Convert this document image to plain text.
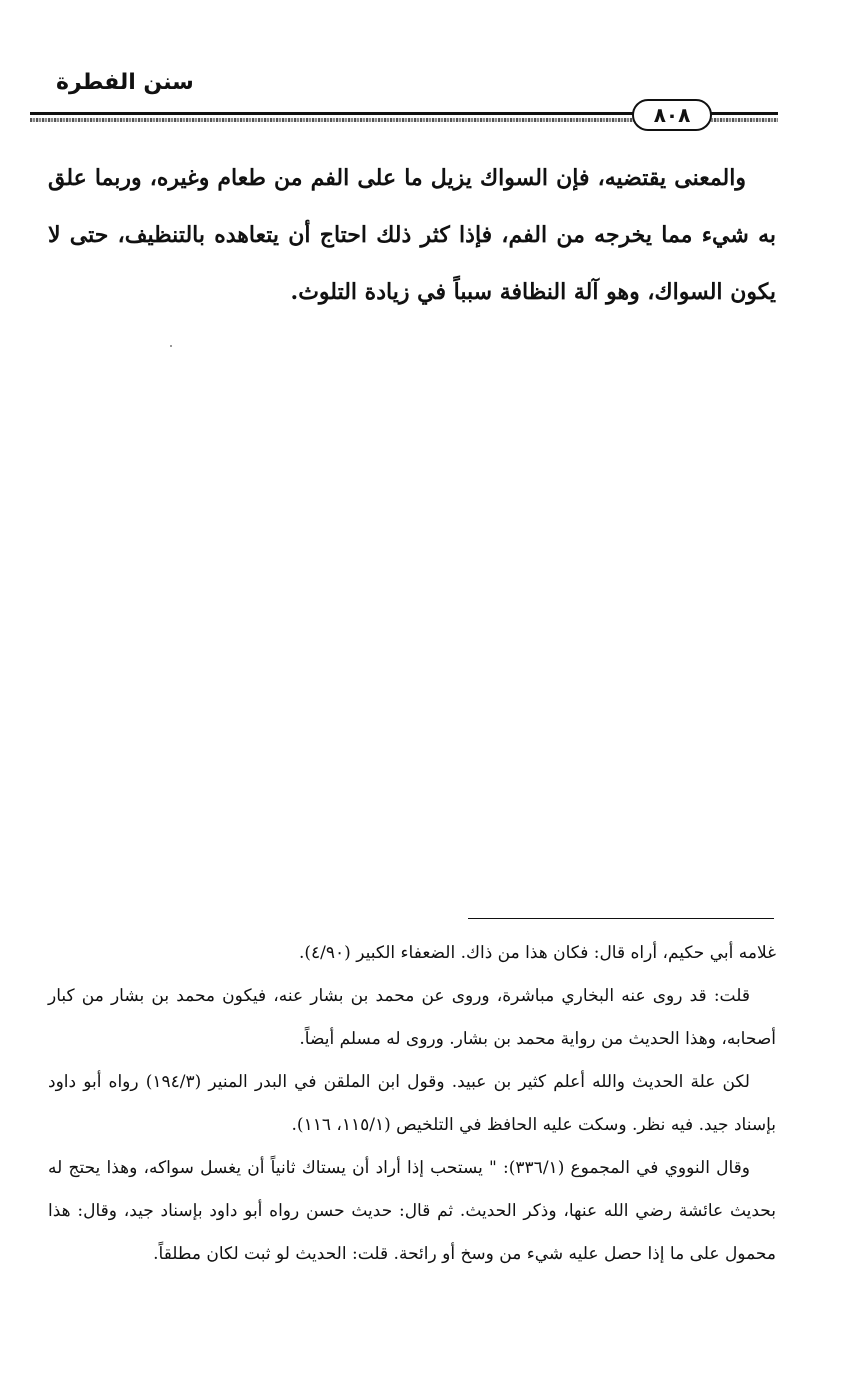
سنن الفطرة
٨٠٨

والمعنى يقتضيه، فإن السواك يزيل ما على الفم من طعام وغيره، وربما علق به شيء مما يخرجه من الفم، فإذا كثر ذلك احتاج أن يتعاهده بالتنظيف، حتى لا يكون السواك، وهو آلة النظافة سبباً في زيادة التلوث.

غلامه أبي حكيم، أراه قال: فكان هذا من ذاك. الضعفاء الكبير (٤/٩٠).

قلت: قد روى عنه البخاري مباشرة، وروى عن محمد بن بشار عنه، فيكون محمد بن بشار من كبار أصحابه، وهذا الحديث من رواية محمد بن بشار. وروى له مسلم أيضاً.

لكن علة الحديث والله أعلم كثير بن عبيد. وقول ابن الملقن في البدر المنير (١٩٤/٣) رواه أبو داود بإسناد جيد. فيه نظر. وسكت عليه الحافظ في التلخيص (١١٥/١، ١١٦).

وقال النووي في المجموع (٣٣٦/١): " يستحب إذا أراد أن يستاك ثانياً أن يغسل سواكه، وهذا يحتج له بحديث عائشة رضي الله عنها، وذكر الحديث. ثم قال: حديث حسن رواه أبو داود بإسناد جيد، وقال: هذا محمول على ما إذا حصل عليه شيء من وسخ أو رائحة. قلت: الحديث لو ثبت لكان مطلقاً.
